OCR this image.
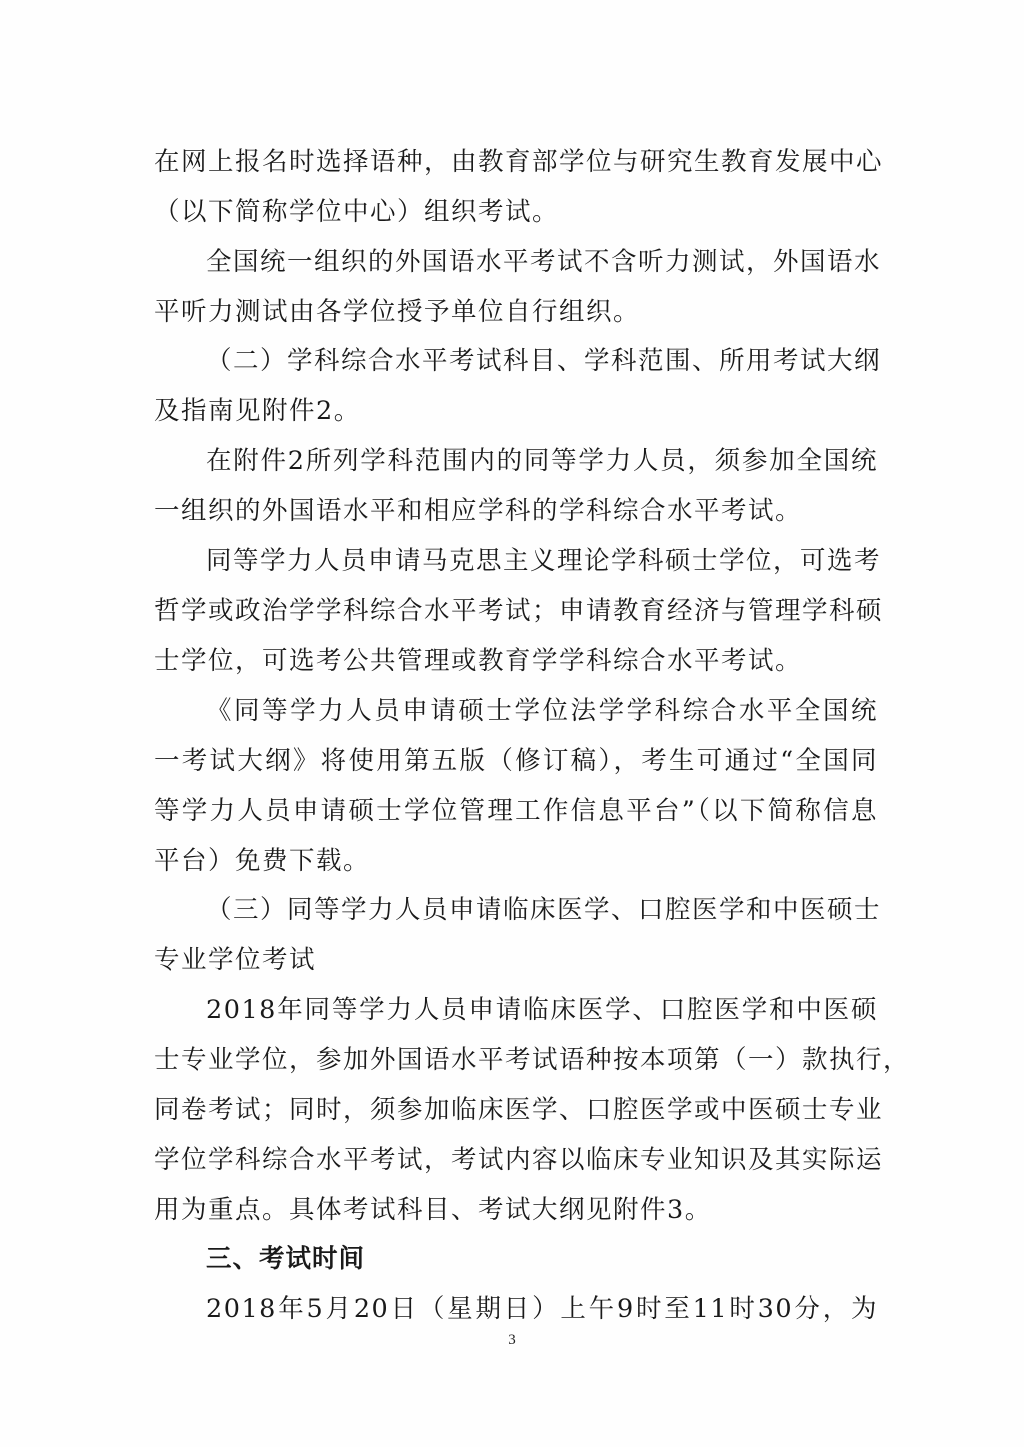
在网上报名时选择语种，由教育部学位与研究生教育发展中心
（以下简称学位中心）组织考试。
全国统一组织的外国语水平考试不含听力测试，外国语水
平听力测试由各学位授予单位自行组织。
（二）学科综合水平考试科目、学科范围、所用考试大纲
及指南见附件2。
在附件2所列学科范围内的同等学力人员，须参加全国统
一组织的外国语水平和相应学科的学科综合水平考试。
同等学力人员申请马克思主义理论学科硕士学位，可选考
哲学或政治学学科综合水平考试；申请教育经济与管理学科硕
士学位，可选考公共管理或教育学学科综合水平考试。
《同等学力人员申请硕士学位法学学科综合水平全国统
一考试大纲》将使用第五版（修订稿），考生可通过“全国同
等学力人员申请硕士学位管理工作信息平台”（以下简称信息
平台）免费下载。
（三）同等学力人员申请临床医学、口腔医学和中医硕士
专业学位考试
2018年同等学力人员申请临床医学、口腔医学和中医硕
士专业学位，参加外国语水平考试语种按本项第（一）款执行，
同卷考试；同时，须参加临床医学、口腔医学或中医硕士专业
学位学科综合水平考试，考试内容以临床专业知识及其实际运
用为重点。具体考试科目、考试大纲见附件3。
三、考试时间
2018年5月20日（星期日）上午9时至11时30分，为
3
